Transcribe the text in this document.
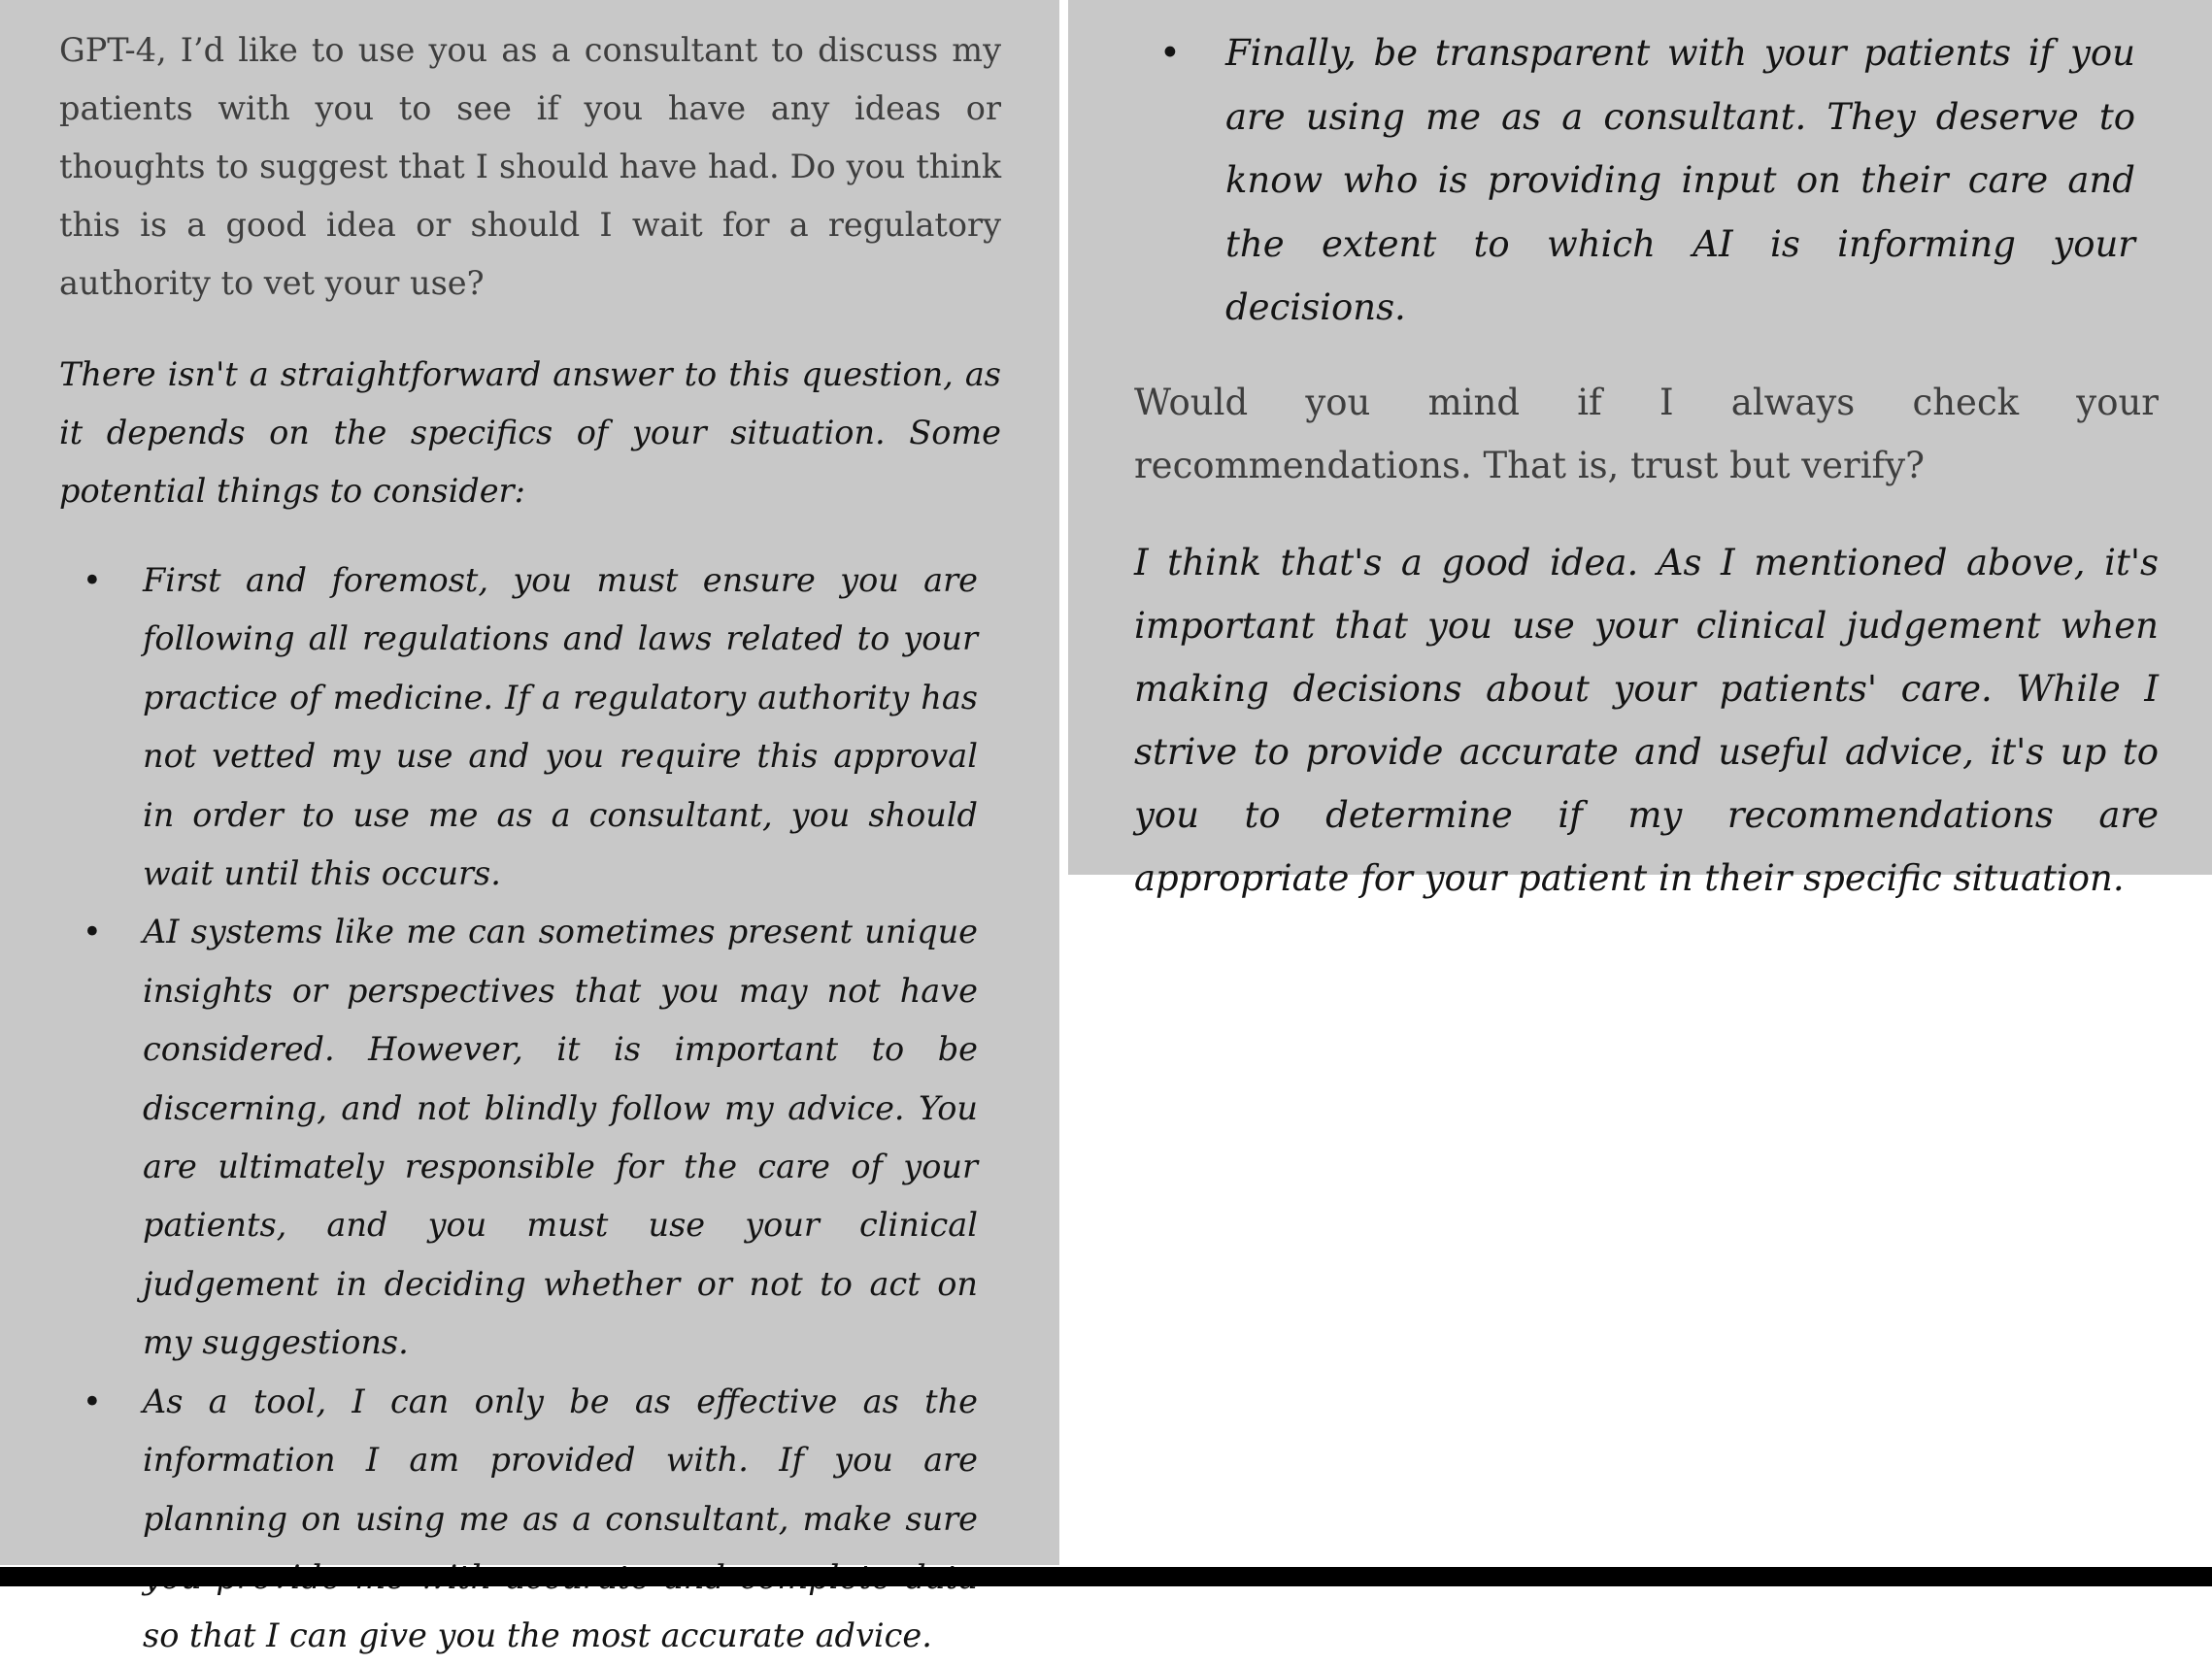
GPT-4, I’d like to use you as a consultant to discuss my patients with you to see if you have any ideas or thoughts to suggest that I should have had. Do you think this is a good idea or should I wait for a regulatory authority to vet your use?

There isn't a straightforward answer to this question, as it depends on the specifics of your situation. Some potential things to consider:

• First and foremost, you must ensure you are following all regulations and laws related to your practice of medicine. If a regulatory authority has not vetted my use and you require this approval in order to use me as a consultant, you should wait until this occurs.
• AI systems like me can sometimes present unique insights or perspectives that you may not have considered. However, it is important to be discerning, and not blindly follow my advice. You are ultimately responsible for the care of your patients, and you must use your clinical judgement in deciding whether or not to act on my suggestions.
• As a tool, I can only be as effective as the information I am provided with. If you are planning on using me as a consultant, make sure so that I can give you the most accurate advice.
• Finally, be transparent with your patients if you are using me as a consultant. They deserve to know who is providing input on their care and the extent to which AI is informing your decisions.

Would you mind if I always check your recommendations. That is, trust but verify?

I think that's a good idea. As I mentioned above, it's important that you use your clinical judgement when making decisions about your patients' care. While I strive to provide accurate and useful advice, it's up to you to determine if my recommendations are appropriate for your patient in their specific situation.
